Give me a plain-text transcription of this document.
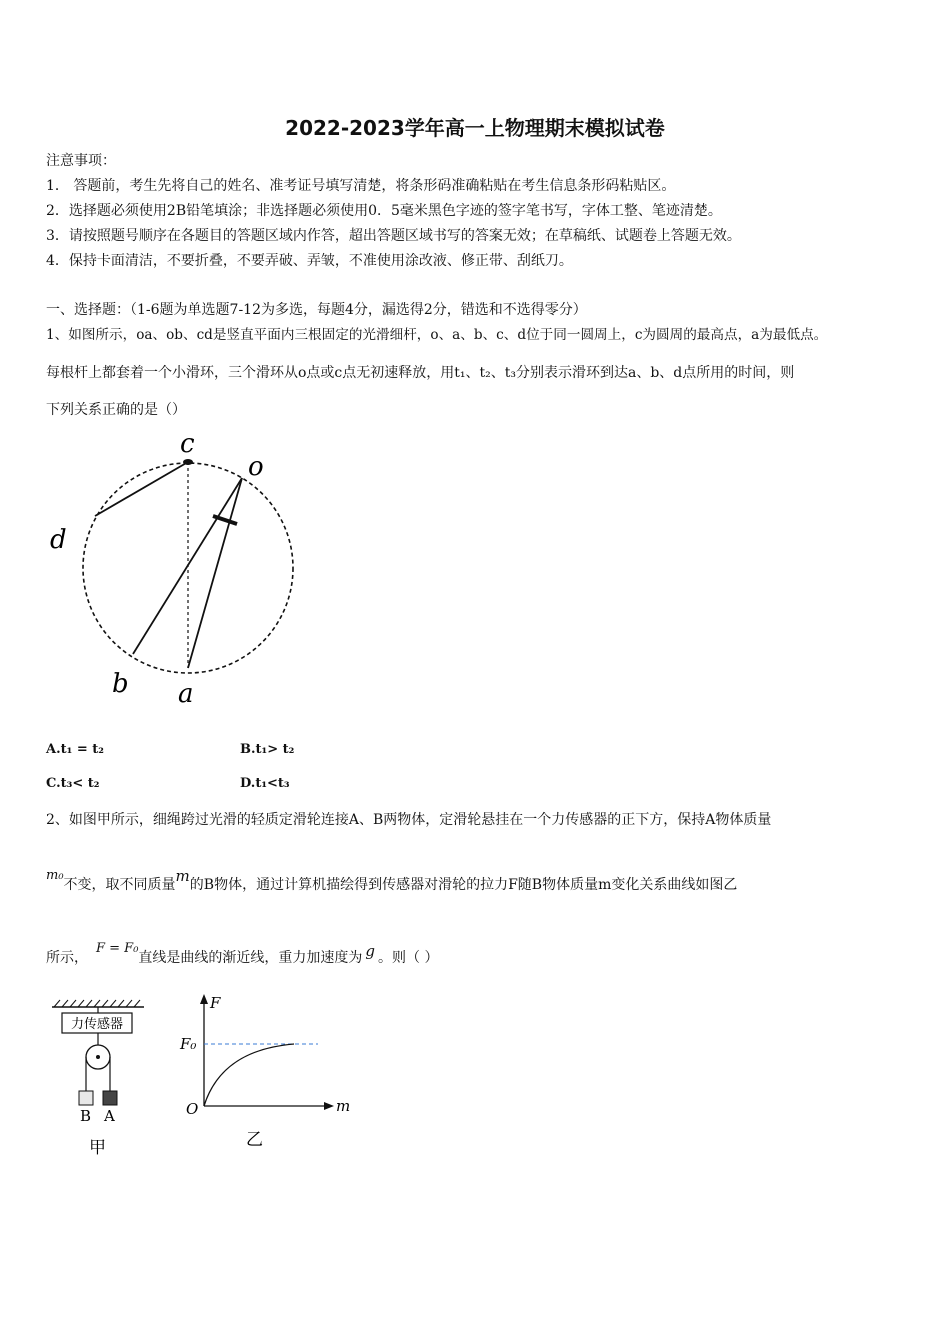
2022-2023学年高一上物理期末模拟试卷
注意事项：
1． 答题前，考生先将自己的姓名、准考证号填写清楚，将条形码准确粘贴在考生信息条形码粘贴区。
2．选择题必须使用2B铅笔填涂；非选择题必须使用0．5毫米黑色字迹的签字笔书写，字体工整、笔迹清楚。
3．请按照题号顺序在各题目的答题区域内作答，超出答题区域书写的答案无效；在草稿纸、试题卷上答题无效。
4．保持卡面清洁，不要折叠，不要弄破、弄皱，不准使用涂改液、修正带、刮纸刀。
一、选择题：（1-6题为单选题7-12为多选，每题4分，漏选得2分，错选和不选得零分）
1、如图所示，oa、ob、cd是竖直平面内三根固定的光滑细杆，o、a、b、c、d位于同一圆周上，c为圆周的最高点，a为最低点。
每根杆上都套着一个小滑环，三个滑环从o点或c点无初速释放，用t₁、t₂、t₃分别表示滑环到达a、b、d点所用的时间，则
下列关系正确的是（）
c
o
d
b a
A.t₁ = t₂	B.t₁> t₂
C.t₃< t₂	D.t₁<t₃
2、如图甲所示，细绳跨过光滑的轻质定滑轮连接A、B两物体，定滑轮悬挂在一个力传感器的正下方，保持A物体质量
m₀不变，取不同质量m的B物体，通过计算机描绘得到传感器对滑轮的拉力F随B物体质量m变化关系曲线如图乙
所示，F = F₀直线是曲线的渐近线，重力加速度为 g 。则（ ）
力传感器
B A
甲
F
F₀
O	m
乙
